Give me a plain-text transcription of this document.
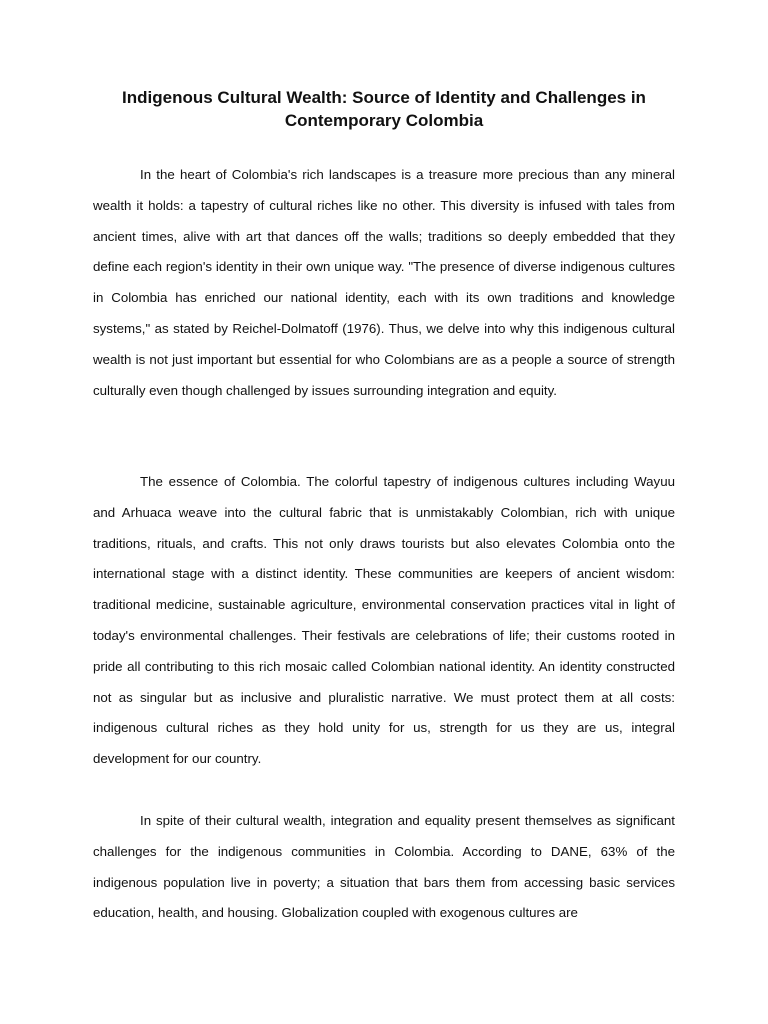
Indigenous Cultural Wealth: Source of Identity and Challenges in Contemporary Colombia

In the heart of Colombia's rich landscapes is a treasure more precious than any mineral wealth it holds: a tapestry of cultural riches like no other. This diversity is infused with tales from ancient times, alive with art that dances off the walls; traditions so deeply embedded that they define each region's identity in their own unique way. "The presence of diverse indigenous cultures in Colombia has enriched our national identity, each with its own traditions and knowledge systems," as stated by Reichel-Dolmatoff (1976). Thus, we delve into why this indigenous cultural wealth is not just important but essential for who Colombians are as a people a source of strength culturally even though challenged by issues surrounding integration and equity.

The essence of Colombia. The colorful tapestry of indigenous cultures including Wayuu and Arhuaca weave into the cultural fabric that is unmistakably Colombian, rich with unique traditions, rituals, and crafts. This not only draws tourists but also elevates Colombia onto the international stage with a distinct identity. These communities are keepers of ancient wisdom: traditional medicine, sustainable agriculture, environmental conservation practices vital in light of today's environmental challenges. Their festivals are celebrations of life; their customs rooted in pride all contributing to this rich mosaic called Colombian national identity. An identity constructed not as singular but as inclusive and pluralistic narrative. We must protect them at all costs: indigenous cultural riches as they hold unity for us, strength for us they are us, integral development for our country.

In spite of their cultural wealth, integration and equality present themselves as significant challenges for the indigenous communities in Colombia. According to DANE, 63% of the indigenous population live in poverty; a situation that bars them from accessing basic services education, health, and housing. Globalization coupled with exogenous cultures are
